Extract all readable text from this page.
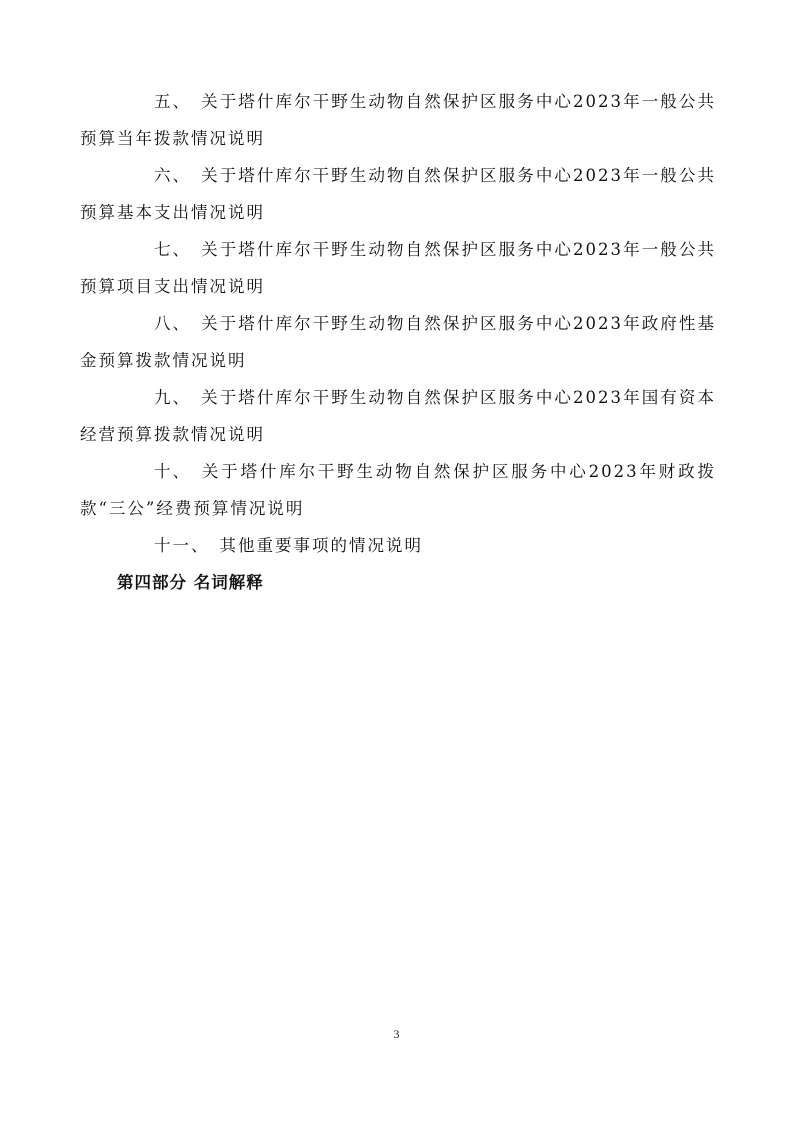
五、 关于塔什库尔干野生动物自然保护区服务中心2023年一般公共预算当年拨款情况说明

六、 关于塔什库尔干野生动物自然保护区服务中心2023年一般公共预算基本支出情况说明

七、 关于塔什库尔干野生动物自然保护区服务中心2023年一般公共预算项目支出情况说明

八、 关于塔什库尔干野生动物自然保护区服务中心2023年政府性基金预算拨款情况说明

九、 关于塔什库尔干野生动物自然保护区服务中心2023年国有资本经营预算拨款情况说明

十、 关于塔什库尔干野生动物自然保护区服务中心2023年财政拨款“三公”经费预算情况说明

十一、 其他重要事项的情况说明

第四部分 名词解释

3
